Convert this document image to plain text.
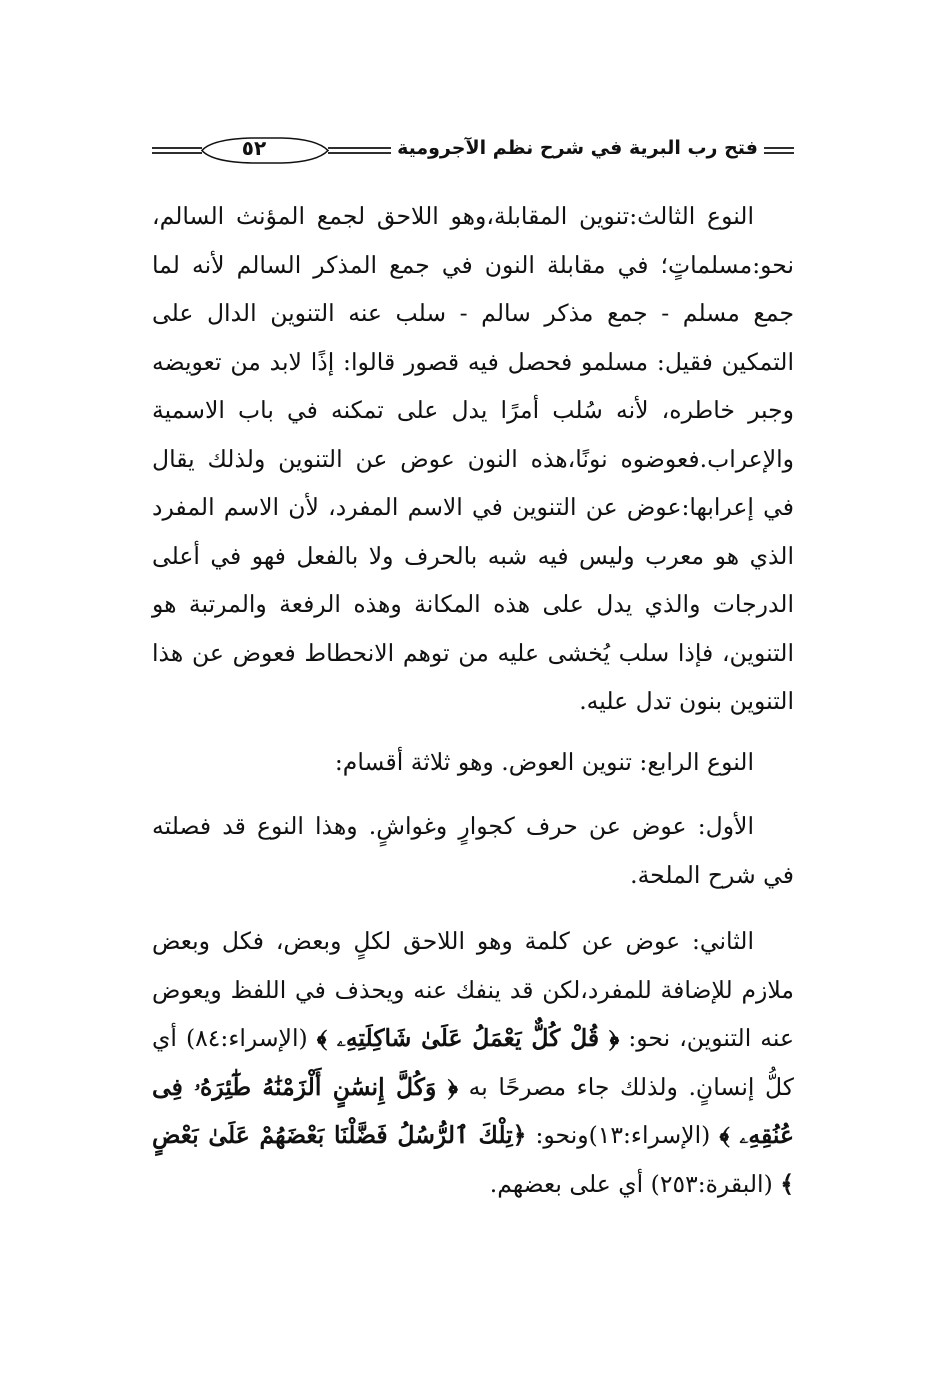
٥٢	فتح رب البرية في شرح نظم الآجرومية

النوع الثالث:تنوين المقابلة،وهو اللاحق لجمع المؤنث السالم، نحو:مسلماتٍ؛ في مقابلة النون في جمع المذكر السالم لأنه لما جمع مسلم - جمع مذكر سالم - سلب عنه التنوين الدال على التمكين فقيل: مسلمو فحصل فيه قصور قالوا: إذًا لابد من تعويضه وجبر خاطره، لأنه سُلب أمرًا يدل على تمكنه في باب الاسمية والإعراب.فعوضوه نونًا،هذه النون عوض عن التنوين ولذلك يقال في إعرابها:عوض عن التنوين في الاسم المفرد، لأن الاسم المفرد الذي هو معرب وليس فيه شبه بالحرف ولا بالفعل فهو في أعلى الدرجات والذي يدل على هذه المكانة وهذه الرفعة والمرتبة هو التنوين، فإذا سلب يُخشى عليه من توهم الانحطاط فعوض عن هذا التنوين بنون تدل عليه.

النوع الرابع: تنوين العوض. وهو ثلاثة أقسام:

الأول: عوض عن حرف كجوارٍ وغواشٍ. وهذا النوع قد فصلته في شرح الملحة.

الثاني: عوض عن كلمة وهو اللاحق لكلٍ وبعض، فكل وبعض ملازم للإضافة للمفرد،لكن قد ينفك عنه ويحذف في اللفظ ويعوض عنه التنوين، نحو: ﴿ قُلْ كُلٌّ يَعْمَلُ عَلَىٰ شَاكِلَتِهِۦ ﴾ (الإسراء:٨٤) أي كلُّ إنسانٍ. ولذلك جاء مصرحًا به ﴿ وَكُلَّ إِنسَٰنٍ أَلْزَمْنَٰهُ طَٰٓئِرَهُۥ فِى عُنُقِهِۦ ﴾ (الإسراء:١٣)ونحو: ﴿تِلْكَ ٱلرُّسُلُ فَضَّلْنَا بَعْضَهُمْ عَلَىٰ بَعْضٍ ﴾ (البقرة:٢٥٣) أي على بعضهم.
